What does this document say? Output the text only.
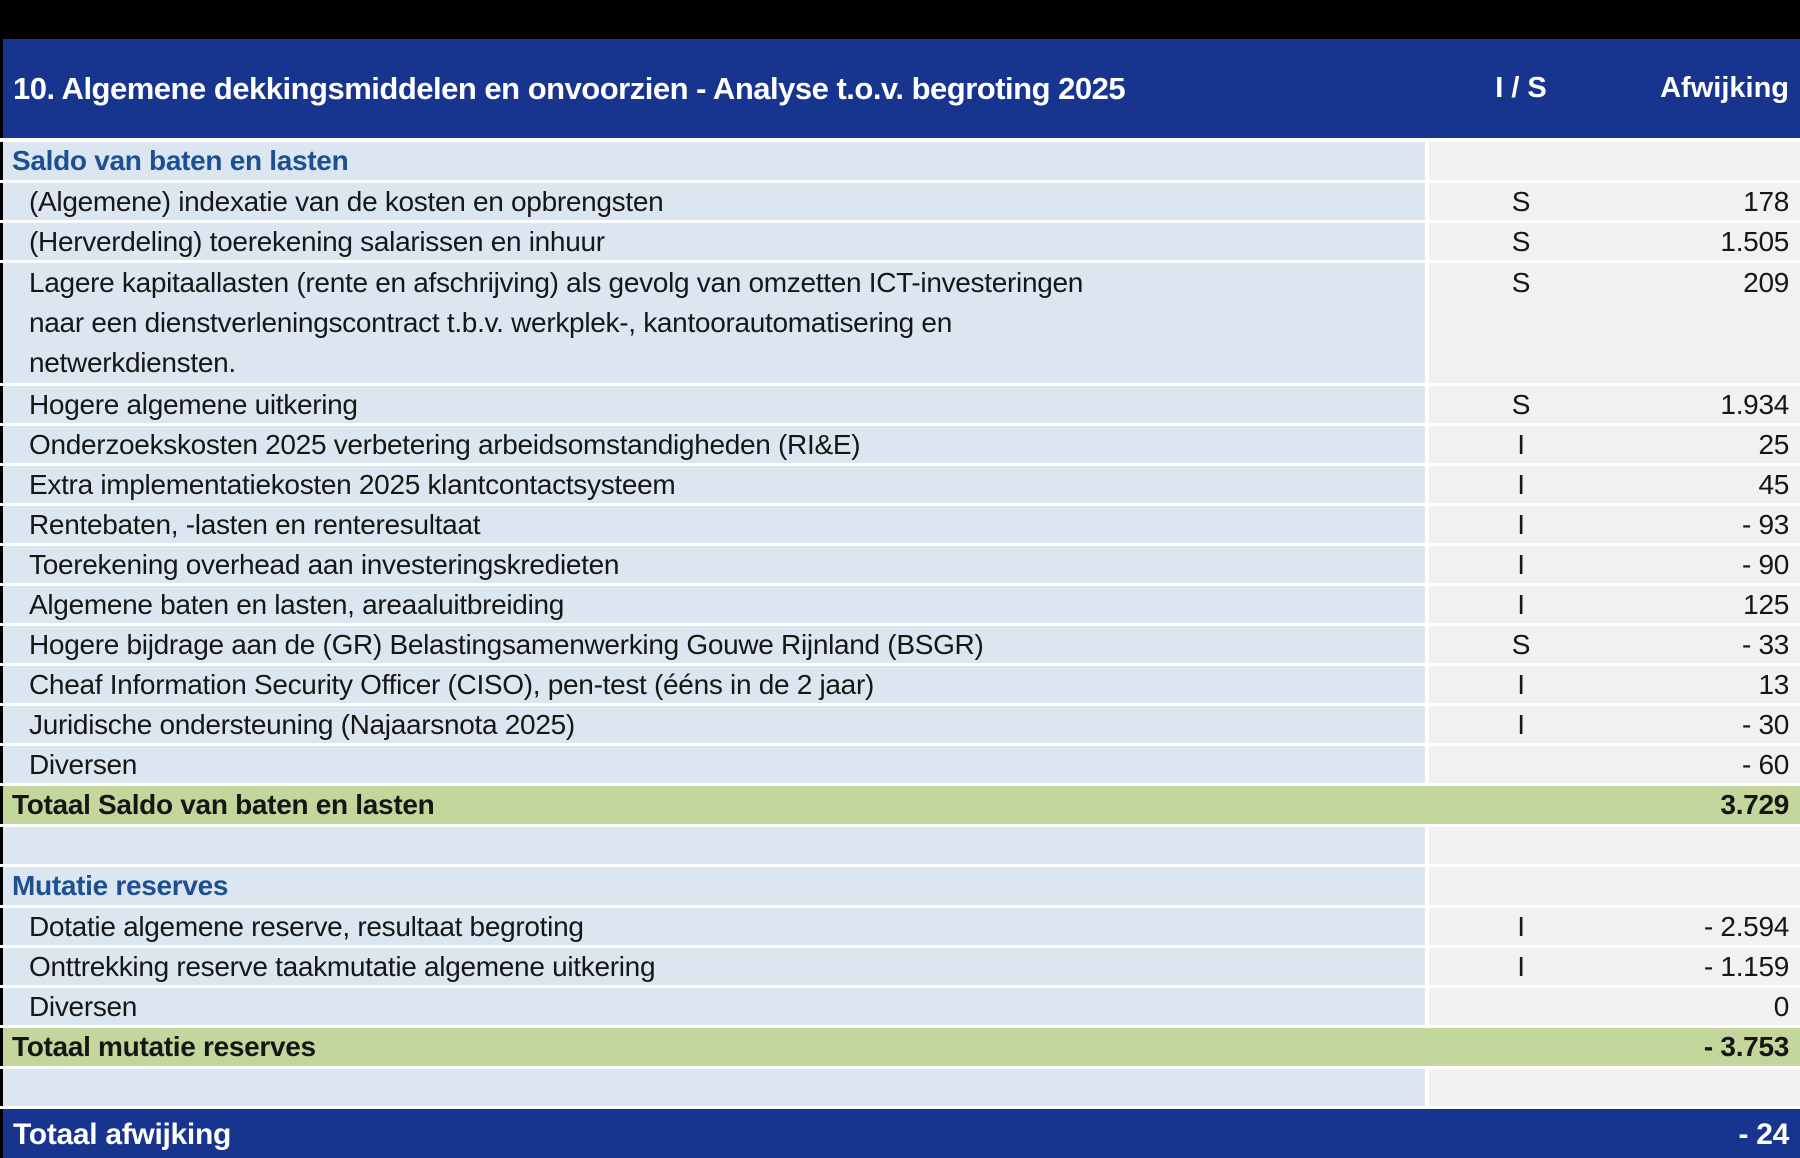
10. Algemene dekkingsmiddelen en onvoorzien - Analyse t.o.v. begroting 2025	I / S	Afwijking
Saldo van baten en lasten
(Algemene) indexatie van de kosten en opbrengsten	S	178
(Herverdeling) toerekening salarissen en inhuur	S	1.505
Lagere kapitaallasten (rente en afschrijving) als gevolg van omzetten ICT-investeringen
naar een dienstverleningscontract t.b.v. werkplek-, kantoorautomatisering en
netwerkdiensten.
S	209
Hogere algemene uitkering	S	1.934
Onderzoekskosten 2025 verbetering arbeidsomstandigheden (RI&E)	I	25
Extra implementatiekosten 2025 klantcontactsysteem	I	45
Rentebaten, -lasten en renteresultaat	I	- 93
Toerekening overhead aan investeringskredieten	I	- 90
Algemene baten en lasten, areaaluitbreiding	I	125
Hogere bijdrage aan de (GR) Belastingsamenwerking Gouwe Rijnland (BSGR)	S	- 33
Cheaf Information Security Officer (CISO), pen-test (ééns in de 2 jaar)	I	13
Juridische ondersteuning (Najaarsnota 2025)	I	- 30
Diversen	- 60
Totaal Saldo van baten en lasten	3.729
Mutatie reserves
Dotatie algemene reserve, resultaat begroting	I	- 2.594
Onttrekking reserve taakmutatie algemene uitkering	I	- 1.159
Diversen	0
Totaal mutatie reserves	- 3.753
Totaal afwijking	- 24
